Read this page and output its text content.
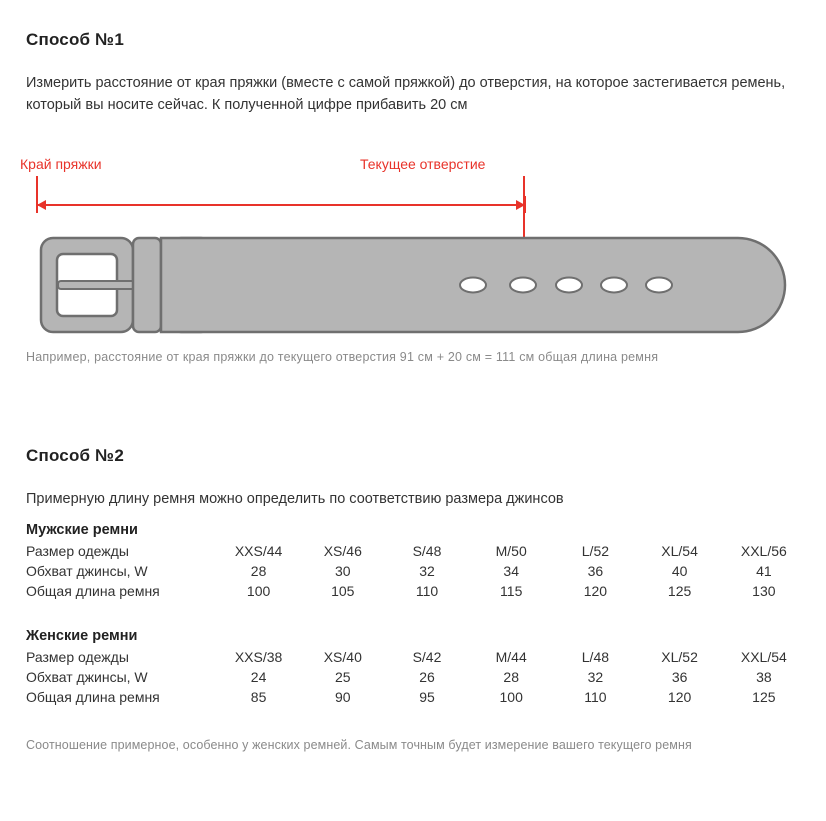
Способ №1
Измерить расстояние от края пряжки (вместе с самой пряжкой) до отверстия, на которое застегивается ремень, который вы носите сейчас. К полученной цифре прибавить 20 см
Край пряжки	Текущее отверстие
Например, расстояние от края пряжки до текущего отверстия 91 см + 20 см = 111 см общая длина ремня
Способ №2
Примерную длину ремня можно определить по соответствию размера джинсов
Мужские ремни							
Размер одежды	XXS/44	XS/46	S/48	M/50	L/52	XL/54	XXL/56
Обхват джинсы, W	28	30	32	34	36	40	41
Общая длина ремня	100	105	110	115	120	125	130
Женские ремни							
Размер одежды	XXS/38	XS/40	S/42	M/44	L/48	XL/52	XXL/54
Обхват джинсы, W	24	25	26	28	32	36	38
Общая длина ремня	85	90	95	100	110	120	125
Соотношение примерное, особенно у женских ремней. Самым точным будет измерение вашего текущего ремня
